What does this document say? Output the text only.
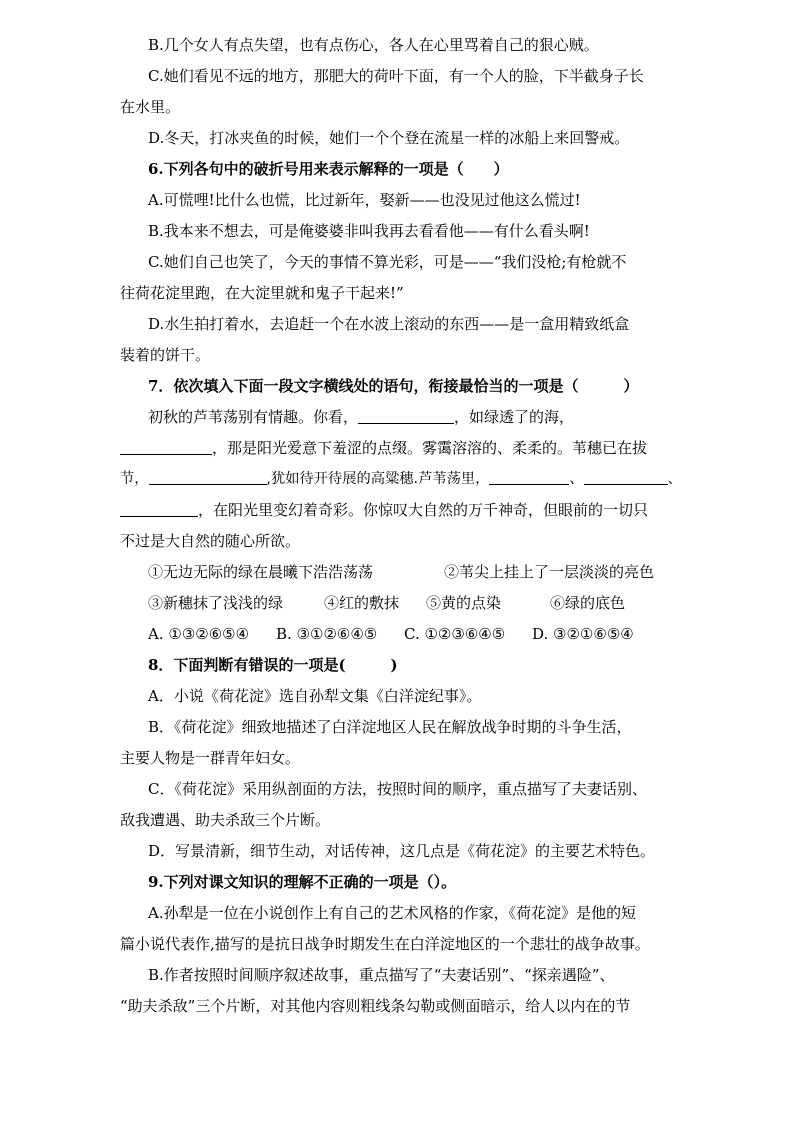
B.几个女人有点失望，也有点伤心，各人在心里骂着自己的狠心贼。
C.她们看见不远的地方，那肥大的荷叶下面，有一个人的脸，下半截身子长
在水里。
D.冬天，打冰夹鱼的时候，她们一个个登在流星一样的冰船上来回警戒。
6.下列各句中的破折号用来表示解释的一项是（　　）
A.可慌哩!比什么也慌，比过新年，娶新——也没见过他这么慌过!
B.我本来不想去，可是俺婆婆非叫我再去看看他——有什么看头啊!
C.她们自己也笑了，今天的事情不算光彩，可是——“我们没枪;有枪就不
往荷花淀里跑，在大淀里就和鬼子干起来!”
D.水生拍打着水，去追赶一个在水波上滚动的东西——是一盒用精致纸盒
装着的饼干。
7．依次填入下面一段文字横线处的语句，衔接最恰当的一项是（　　　）
初秋的芦苇荡别有情趣。你看，	，如绿透了的海，
，那是阳光爱意下羞涩的点缀。雾霭溶溶的、柔柔的。苇穗已在拔
节，	,犹如待开待展的高粱穗.芦苇荡里，	、	、
，在阳光里变幻着奇彩。你惊叹大自然的万千神奇，但眼前的一切只
不过是大自然的随心所欲。
①无边无际的绿在晨曦下浩浩荡荡	②苇尖上挂上了一层淡淡的亮色
③新穗抹了浅浅的绿	④红的敷抹 ⑤黄的点染	⑥绿的底色
A. ①③②⑥⑤④ B. ③①②⑥④⑤ C. ①②③⑥④⑤ D. ③②①⑥⑤④
8．下面判断有错误的一项是(　　　)
A．小说《荷花淀》选自孙犁文集《白洋淀纪事》。
B．《荷花淀》细致地描述了白洋淀地区人民在解放战争时期的斗争生活，
主要人物是一群青年妇女。
C．《荷花淀》采用纵剖面的方法，按照时间的顺序，重点描写了夫妻话别、
敌我遭遇、助夫杀敌三个片断。
D．写景清新，细节生动，对话传神，这几点是《荷花淀》的主要艺术特色。
9.下列对课文知识的理解不正确的一项是（）。
A.孙犁是一位在小说创作上有自己的艺术风格的作家，《荷花淀》是他的短
篇小说代表作,描写的是抗日战争时期发生在白洋淀地区的一个悲壮的战争故事。
B.作者按照时间顺序叙述故事，重点描写了“夫妻话别”、“探亲遇险”、
“助夫杀敌”三个片断，对其他内容则粗线条勾勒或侧面暗示，给人以内在的节
